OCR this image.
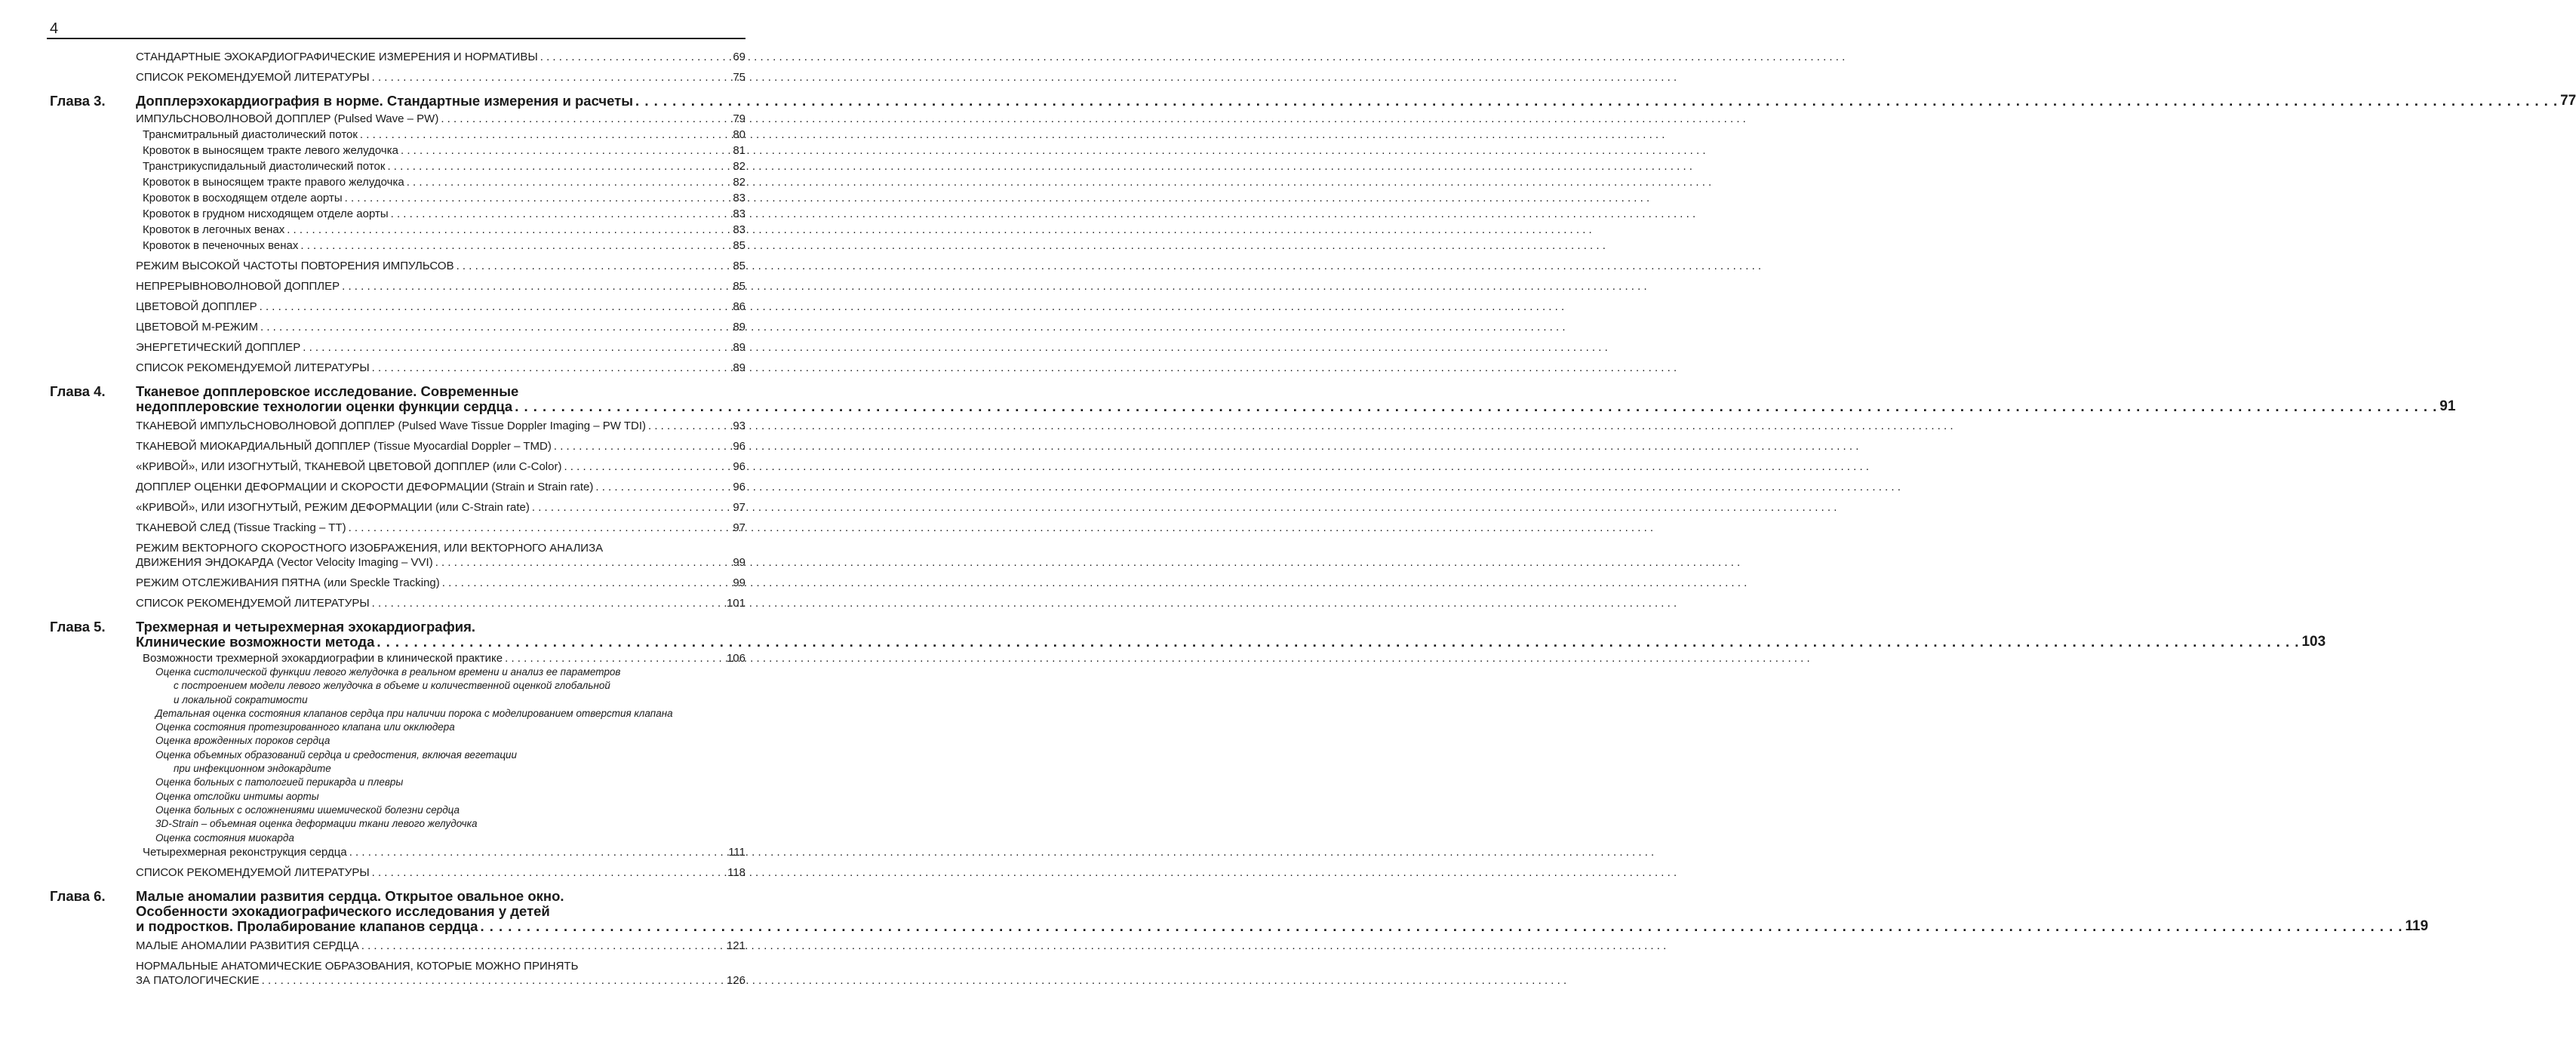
4
СТАНДАРТНЫЕ ЭХОКАРДИОГРАФИЧЕСКИЕ ИЗМЕРЕНИЯ И НОРМАТИВЫ . . .	69
СПИСОК РЕКОМЕНДУЕМОЙ ЛИТЕРАТУРЫ . . .	75
Глава 3.	Допплерэхокардиография в норме. Стандартные измерения и расчеты . . .	77
ИМПУЛЬСНОВОЛНОВОЙ ДОППЛЕР (Pulsed Wave – PW) . . .	79
Трансмитральный диастолический поток . . .	80
Кровоток в выносящем тракте левого желудочка . . .	81
Транстрикуспидальный диастолический поток . . .	82
Кровоток в выносящем тракте правого желудочка . . .	82
Кровоток в восходящем отделе аорты . . .	83
Кровоток в грудном нисходящем отделе аорты . . .	83
Кровоток в легочных венах . . .	83
Кровоток в печеночных венах . . .	85
РЕЖИМ ВЫСОКОЙ ЧАСТОТЫ ПОВТОРЕНИЯ ИМПУЛЬСОВ . . .	85
НЕПРЕРЫВНОВОЛНОВОЙ ДОППЛЕР . . .	85
ЦВЕТОВОЙ ДОППЛЕР . . .	86
ЦВЕТОВОЙ М-РЕЖИМ . . .	89
ЭНЕРГЕТИЧЕСКИЙ ДОППЛЕР . . .	89
СПИСОК РЕКОМЕНДУЕМОЙ ЛИТЕРАТУРЫ . . .	89
Глава 4.	Тканевое допплеровское исследование. Современные
недопплеровские технологии оценки функции сердца . . .	91
ТКАНЕВОЙ ИМПУЛЬСНОВОЛНОВОЙ ДОППЛЕР (Pulsed Wave Tissue Doppler Imaging – PW TDI) . . .	93
ТКАНЕВОЙ МИОКАРДИАЛЬНЫЙ ДОППЛЕР (Tissue Myocardial Doppler – TMD) . . .	96
«КРИВОЙ», ИЛИ ИЗОГНУТЫЙ, ТКАНЕВОЙ ЦВЕТОВОЙ ДОППЛЕР (или C-Color) . . .	96
ДОППЛЕР ОЦЕНКИ ДЕФОРМАЦИИ И СКОРОСТИ ДЕФОРМАЦИИ (Strain и Strain rate) . . .	96
«КРИВОЙ», ИЛИ ИЗОГНУТЫЙ, РЕЖИМ ДЕФОРМАЦИИ (или C-Strain rate) . . .	97
ТКАНЕВОЙ СЛЕД (Tissue Tracking – TT) . . .	97
РЕЖИМ ВЕКТОРНОГО СКОРОСТНОГО ИЗОБРАЖЕНИЯ, ИЛИ ВЕКТОРНОГО АНАЛИЗА
ДВИЖЕНИЯ ЭНДОКАРДА (Vector Velocity Imaging – VVI) . . .	99
РЕЖИМ ОТСЛЕЖИВАНИЯ ПЯТНА (или Speckle Tracking) . . .	99
СПИСОК РЕКОМЕНДУЕМОЙ ЛИТЕРАТУРЫ . . .	101
Глава 5.	Трехмерная и четырехмерная эхокардиография.
Клинические возможности метода . . .	103
Возможности трехмерной эхокардиографии в клинической практике . . .	106
Оценка систолической функции левого желудочка в реальном времени и анализ ее параметров
с построением модели левого желудочка в объеме и количественной оценкой глобальной
и локальной сократимости
Детальная оценка состояния клапанов сердца при наличии порока с моделированием отверстия клапана
Оценка состояния протезированного клапана или окклюдера
Оценка врожденных пороков сердца
Оценка объемных образований сердца и средостения, включая вегетации
при инфекционном эндокардите
Оценка больных с патологией перикарда и плевры
Оценка отслойки интимы аорты
Оценка больных с осложнениями ишемической болезни сердца
3D-Strain – объемная оценка деформации ткани левого желудочка
Оценка состояния миокарда
Четырехмерная реконструкция сердца . . .	111
СПИСОК РЕКОМЕНДУЕМОЙ ЛИТЕРАТУРЫ . . .	118
Глава 6.	Малые аномалии развития сердца. Открытое овальное окно.
Особенности эхокадиографического исследования у детей
и подростков. Пролабирование клапанов сердца . . .	119
МАЛЫЕ АНОМАЛИИ РАЗВИТИЯ СЕРДЦА . . .	121
НОРМАЛЬНЫЕ АНАТОМИЧЕСКИЕ ОБРАЗОВАНИЯ, КОТОРЫЕ МОЖНО ПРИНЯТЬ
ЗА ПАТОЛОГИЧЕСКИЕ . . .	126
